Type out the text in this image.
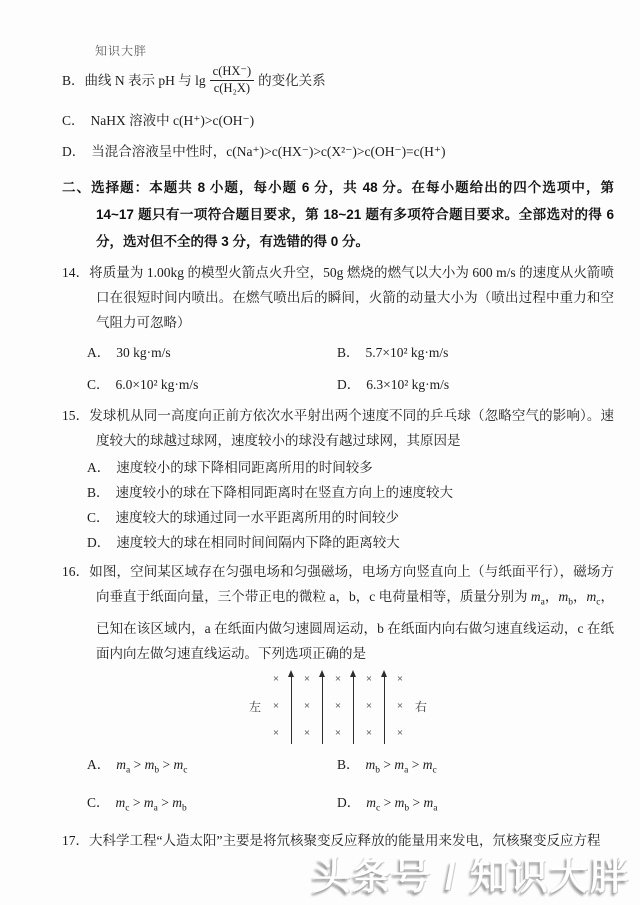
知识大胖
B．曲线 N 表示 pH 与 $\lg \frac{c(HX^-)}{\text{c(H₂X)}}$ 的变化关系
C． NaHX 溶液中 c(H⁺)>c(OH⁻)
D． 当混合溶液呈中性时，c(Na⁺)>c(HX⁻)>c(X²⁻)>c(OH⁻)=c(H⁺)
二、选择题：本题共 8 小题，每小题 6 分，共 48 分。在每小题给出的四个选项中，第 14~17 题只有一项符合题目要求，第 18~21 题有多项符合题目要求。全部选对的得 6 分，选对但不全的得 3 分，有选错的得 0 分。
14．将质量为 1.00kg 的模型火箭点火升空，50g 燃烧的燃气以大小为 600 m/s 的速度从火箭喷口在很短时间内喷出。在燃气喷出后的瞬间，火箭的动量大小为（喷出过程中重力和空气阻力可忽略）
A． 30 kg·m/s	B． 5.7×10² kg·m/s
C． 6.0×10² kg·m/s	D． 6.3×10² kg·m/s
15．发球机从同一高度向正前方依次水平射出两个速度不同的乒乓球（忽略空气的影响）。速度较大的球越过球网，速度较小的球没有越过球网，其原因是
A． 速度较小的球下降相同距离所用的时间较多
B． 速度较小的球在下降相同距离时在竖直方向上的速度较大
C． 速度较大的球通过同一水平距离所用的时间较少
D． 速度较大的球在相同时间间隔内下降的距离较大
16．如图，空间某区域存在匀强电场和匀强磁场，电场方向竖直向上（与纸面平行），磁场方向垂直于纸面向量，三个带正电的微粒 a，b，c 电荷量相等，质量分别为 $m_a$，$m_b$，$m_c$，已知在该区域内，a 在纸面内做匀速圆周运动，b 在纸面内向右做匀速直线运动，c 在纸面内向左做匀速直线运动。下列选项正确的是
左
× × × × ×
× × × × ×
× × × × ×
右
A． $m_a > m_b > m_c$	B． $m_b > m_a > m_c$
C． $m_c > m_a > m_b$	D． $m_c > m_b > m_a$
17．大科学工程“人造太阳”主要是将氘核聚变反应释放的能量用来发电，氘核聚变反应方程
头条号 / 知识大胖
